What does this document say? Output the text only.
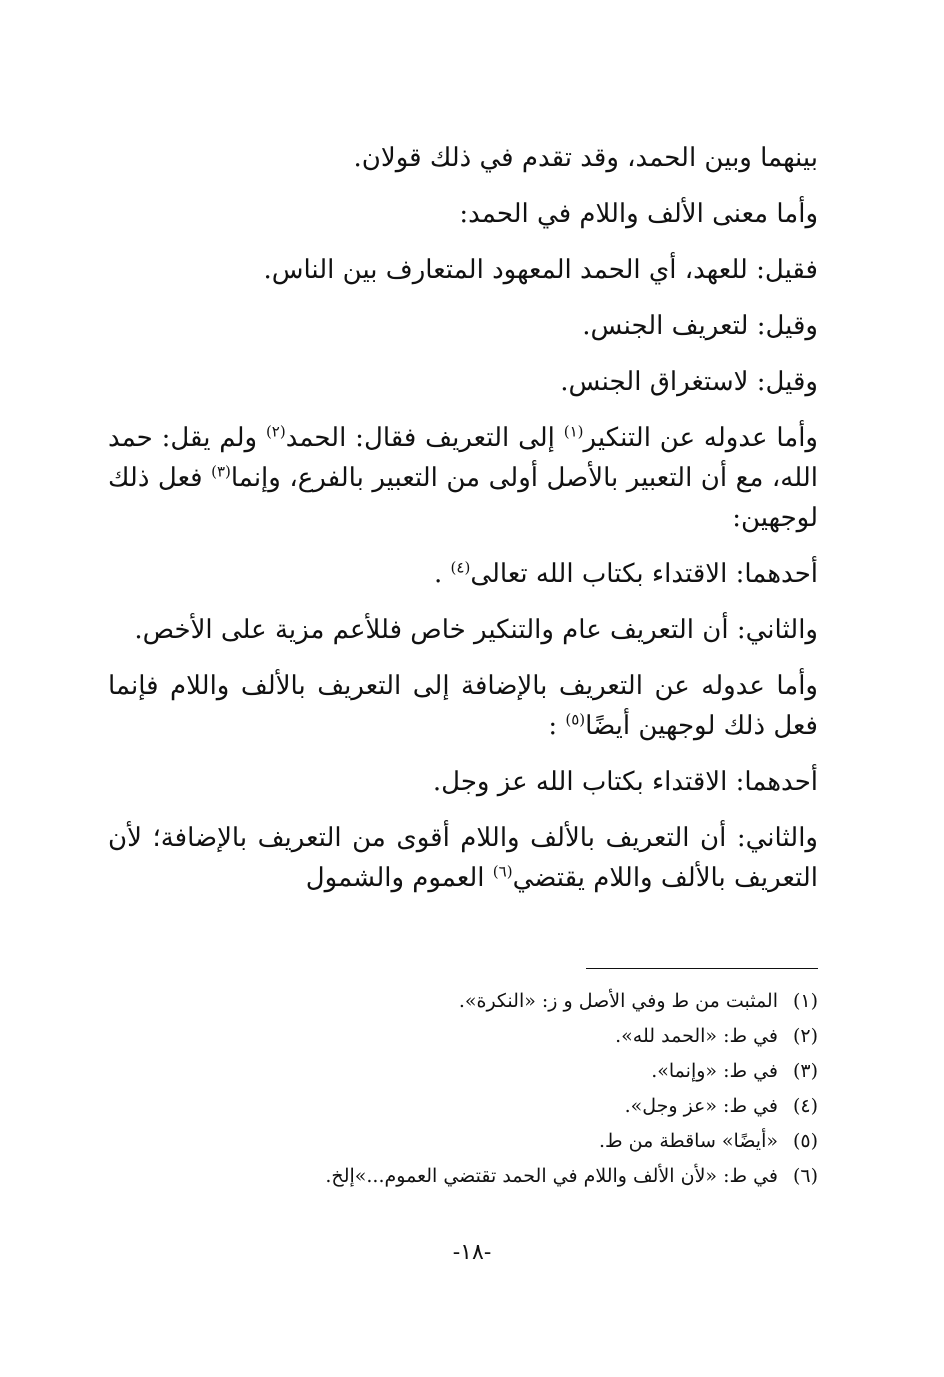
بينهما وبين الحمد، وقد تقدم في ذلك قولان.

وأما معنى الألف واللام في الحمد:

فقيل: للعهد، أي الحمد المعهود المتعارف بين الناس.

وقيل: لتعريف الجنس.

وقيل: لاستغراق الجنس.

وأما عدوله عن التنكير$^{(١)}$ إلى التعريف فقال: الحمد$^{(٢)}$ ولم يقل: حمد الله، مع أن التعبير بالأصل أولى من التعبير بالفرع، وإنما$^{(٣)}$ فعل ذلك لوجهين:

أحدهما: الاقتداء بكتاب الله تعالى$^{(٤)}$ .

والثاني: أن التعريف عام والتنكير خاص فللأعم مزية على الأخص.

وأما عدوله عن التعريف بالإضافة إلى التعريف بالألف واللام فإنما فعل ذلك لوجهين أيضًا$^{(٥)}$ :

أحدهما: الاقتداء بكتاب الله عز وجل.

والثاني: أن التعريف بالألف واللام أقوى من التعريف بالإضافة؛ لأن التعريف بالألف واللام يقتضي$^{(٦)}$ العموم والشمول

(١)المثبت من ط وفي الأصل و ز: «النكرة».
(٢)في ط: «الحمد لله».
(٣)في ط: «وإنما».
(٤)في ط: «عز وجل».
(٥)«أيضًا» ساقطة من ط.
(٦)في ط: «لأن الألف واللام في الحمد تقتضي العموم...»إلخ.
-١٨-
